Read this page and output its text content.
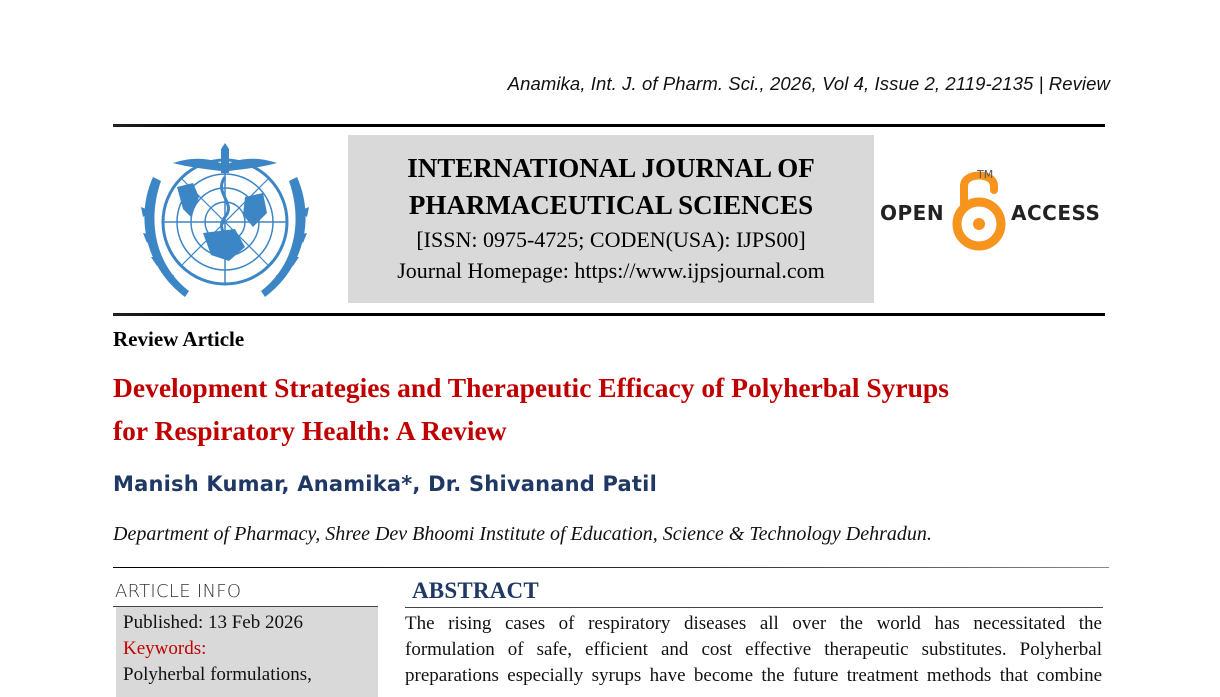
Anamika, Int. J. of Pharm. Sci., 2026, Vol 4, Issue 2, 2119-2135 | Review
INTERNATIONAL JOURNAL OF
PHARMACEUTICAL SCIENCES
[ISSN: 0975-4725; CODEN(USA): IJPS00]
Journal Homepage: https://www.ijpsjournal.com
OPEN
TM
ACCESS
Review Article
Development Strategies and Therapeutic Efficacy of Polyherbal Syrups
for Respiratory Health: A Review
Manish Kumar, Anamika*, Dr. Shivanand Patil
Department of Pharmacy, Shree Dev Bhoomi Institute of Education, Science & Technology Dehradun.
ARTICLE INFO
Published: 13 Feb 2026
Keywords:
Polyherbal formulations,
ABSTRACT
The rising cases of respiratory diseases all over the world has necessitated the
formulation of safe, efficient and cost effective therapeutic substitutes. Polyherbal
preparations especially syrups have become the future treatment methods that combine
